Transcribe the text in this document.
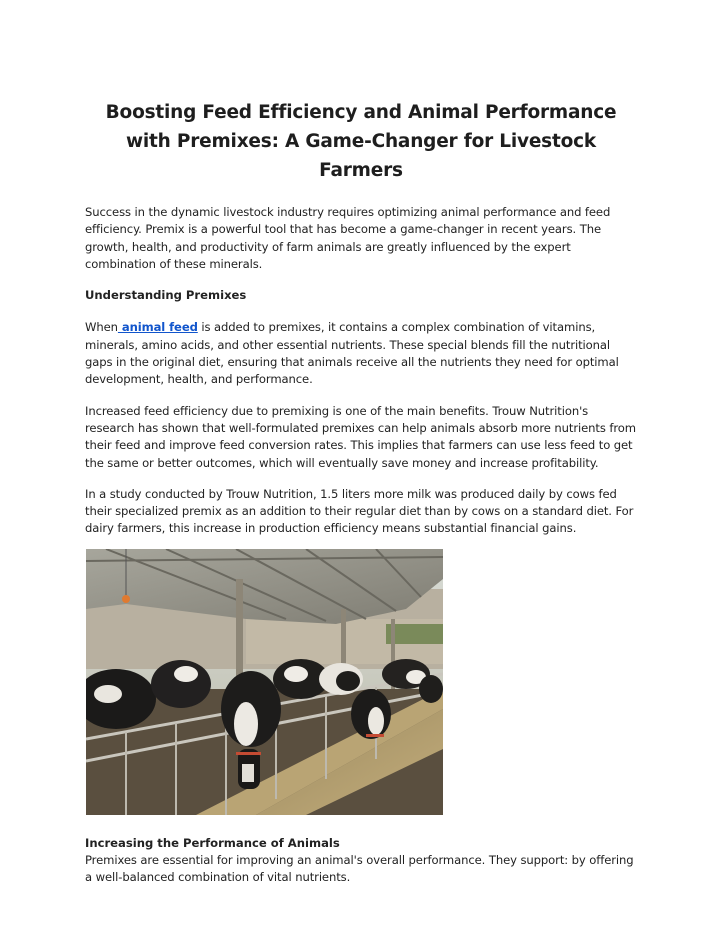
Boosting Feed Efficiency and Animal Performance with Premixes: A Game-Changer for Livestock Farmers

Success in the dynamic livestock industry requires optimizing animal performance and feed efficiency. Premix is a powerful tool that has become a game-changer in recent years. The growth, health, and productivity of farm animals are greatly influenced by the expert combination of these minerals.

Understanding Premixes

When animal feed is added to premixes, it contains a complex combination of vitamins, minerals, amino acids, and other essential nutrients. These special blends fill the nutritional gaps in the original diet, ensuring that animals receive all the nutrients they need for optimal development, health, and performance.

Increased feed efficiency due to premixing is one of the main benefits. Trouw Nutrition's research has shown that well-formulated premixes can help animals absorb more nutrients from their feed and improve feed conversion rates. This implies that farmers can use less feed to get the same or better outcomes, which will eventually save money and increase profitability.

In a study conducted by Trouw Nutrition, 1.5 liters more milk was produced daily by cows fed their specialized premix as an addition to their regular diet than by cows on a standard diet. For dairy farmers, this increase in production efficiency means substantial financial gains.

Increasing the Performance of Animals

Premixes are essential for improving an animal's overall performance. They support: by offering a well-balanced combination of vital nutrients.
